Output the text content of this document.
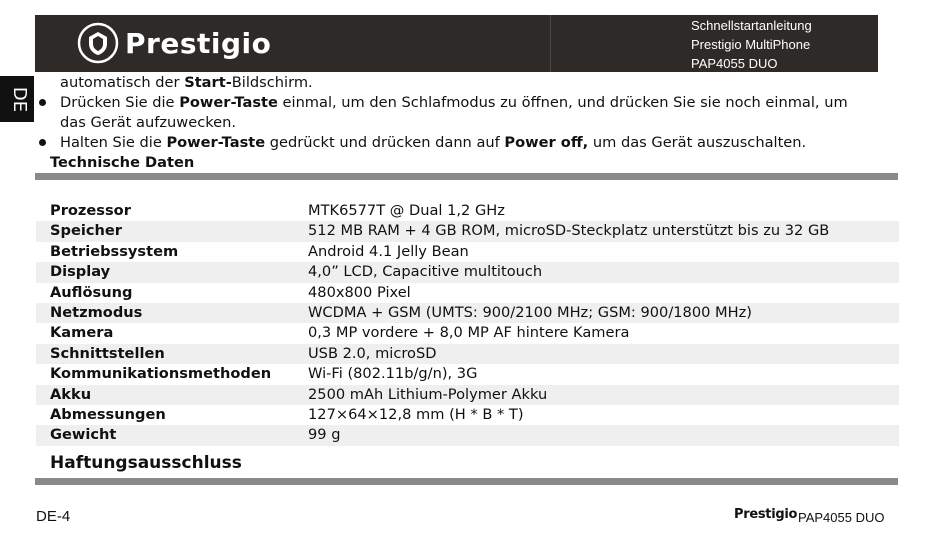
Prestigio
Schnellstartanleitung
Prestigio MultiPhone
PAP4055 DUO
DE
automatisch der Start-Bildschirm.
Drücken Sie die Power-Taste einmal, um den Schlafmodus zu öffnen, und drücken Sie sie noch einmal, um
das Gerät aufzuwecken.
Halten Sie die Power-Taste gedrückt und drücken dann auf Power off, um das Gerät auszuschalten.
Technische Daten
Prozessor	MTK6577T @ Dual 1,2 GHz
Speicher	512 MB RAM + 4 GB ROM, microSD-Steckplatz unterstützt bis zu 32 GB
Betriebssystem	Android 4.1 Jelly Bean
Display	4,0” LCD, Capacitive multitouch
Auflösung	480x800 Pixel
Netzmodus	WCDMA + GSM (UMTS: 900/2100 MHz; GSM: 900/1800 MHz)
Kamera	0,3 MP vordere + 8,0 MP AF hintere Kamera
Schnittstellen	USB 2.0, microSD
Kommunikationsmethoden	Wi-Fi (802.11b/g/n), 3G
Akku	2500 mAh Lithium-Polymer Akku
Abmessungen	127×64×12,8 mm (H * B * T)
Gewicht	99 g
Haftungsausschluss
DE-4	Prestigio PAP4055 DUO
